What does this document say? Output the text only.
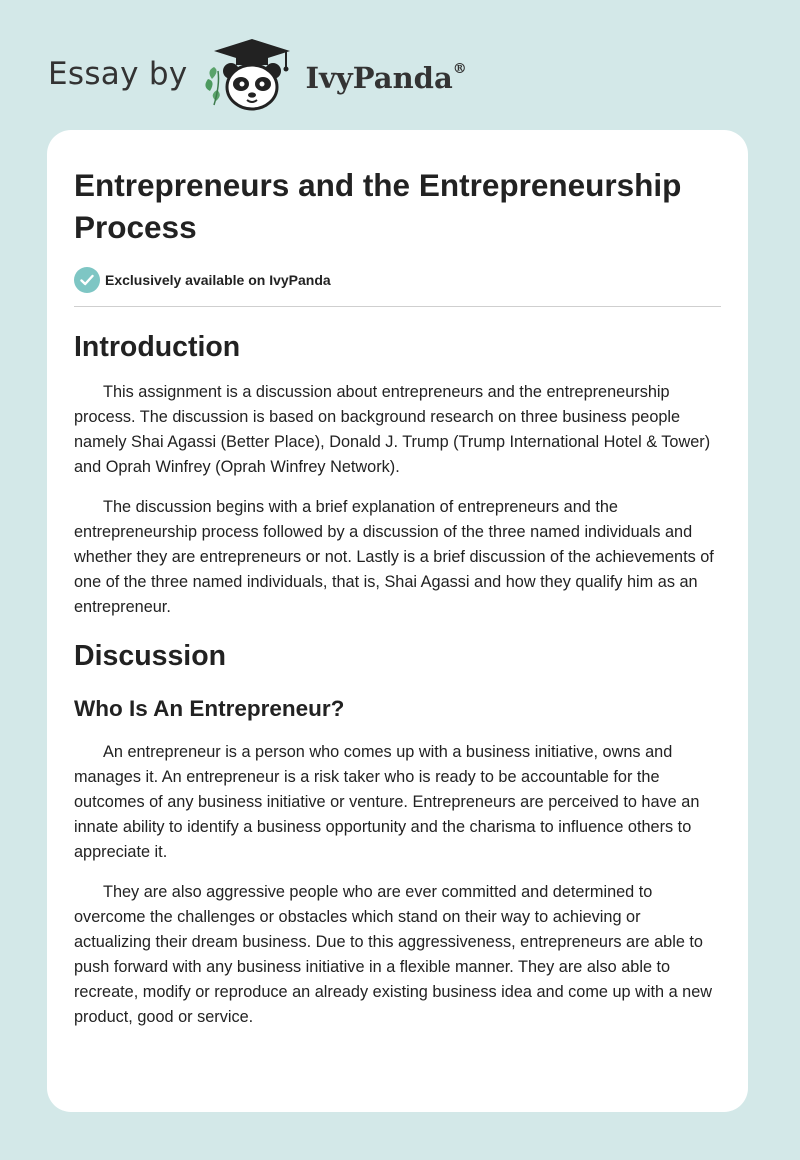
Essay by	IvyPanda®
Entrepreneurs and the Entrepreneurship Process
Exclusively available on IvyPanda
Introduction

This assignment is a discussion about entrepreneurs and the entrepreneurship process. The discussion is based on background research on three business people namely Shai Agassi (Better Place), Donald J. Trump (Trump International Hotel & Tower) and Oprah Winfrey (Oprah Winfrey Network).

The discussion begins with a brief explanation of entrepreneurs and the entrepreneurship process followed by a discussion of the three named individuals and whether they are entrepreneurs or not. Lastly is a brief discussion of the achievements of one of the three named individuals, that is, Shai Agassi and how they qualify him as an entrepreneur.

Discussion
Who Is An Entrepreneur?

An entrepreneur is a person who comes up with a business initiative, owns and manages it. An entrepreneur is a risk taker who is ready to be accountable for the outcomes of any business initiative or venture. Entrepreneurs are perceived to have an innate ability to identify a business opportunity and the charisma to influence others to appreciate it.

They are also aggressive people who are ever committed and determined to overcome the challenges or obstacles which stand on their way to achieving or actualizing their dream business. Due to this aggressiveness, entrepreneurs are able to push forward with any business initiative in a flexible manner. They are also able to recreate, modify or reproduce an already existing business idea and come up with a new product, good or service.
